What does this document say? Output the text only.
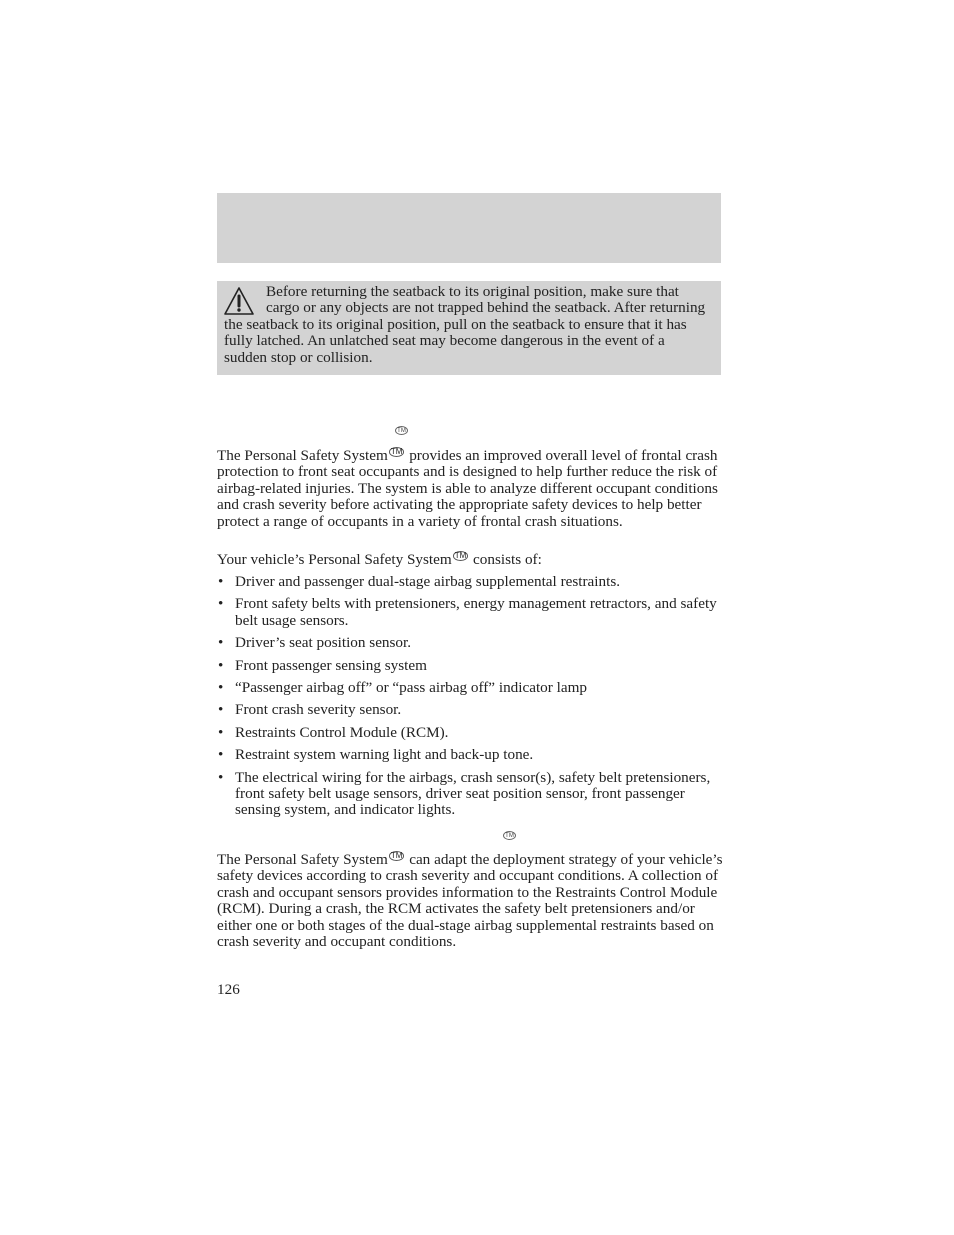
Before returning the seatback to its original position, make sure that cargo or any objects are not trapped behind the seatback. After returning the seatback to its original position, pull on the seatback to ensure that it has fully latched. An unlatched seat may become dangerous in the event of a sudden stop or collision.

TM

The Personal Safety System TM provides an improved overall level of frontal crash protection to front seat occupants and is designed to help further reduce the risk of airbag-related injuries. The system is able to analyze different occupant conditions and crash severity before activating the appropriate safety devices to help better protect a range of occupants in a variety of frontal crash situations.

Your vehicle’s Personal Safety System TM consists of:

• Driver and passenger dual-stage airbag supplemental restraints.
• Front safety belts with pretensioners, energy management retractors, and safety belt usage sensors.
• Driver’s seat position sensor.
• Front passenger sensing system
• “Passenger airbag off” or “pass airbag off” indicator lamp
• Front crash severity sensor.
• Restraints Control Module (RCM).
• Restraint system warning light and back-up tone.
• The electrical wiring for the airbags, crash sensor(s), safety belt pretensioners, front safety belt usage sensors, driver seat position sensor, front passenger sensing system, and indicator lights.
TM

The Personal Safety System TM can adapt the deployment strategy of your vehicle’s safety devices according to crash severity and occupant conditions. A collection of crash and occupant sensors provides information to the Restraints Control Module (RCM). During a crash, the RCM activates the safety belt pretensioners and/or either one or both stages of the dual-stage airbag supplemental restraints based on crash severity and occupant conditions.

126
